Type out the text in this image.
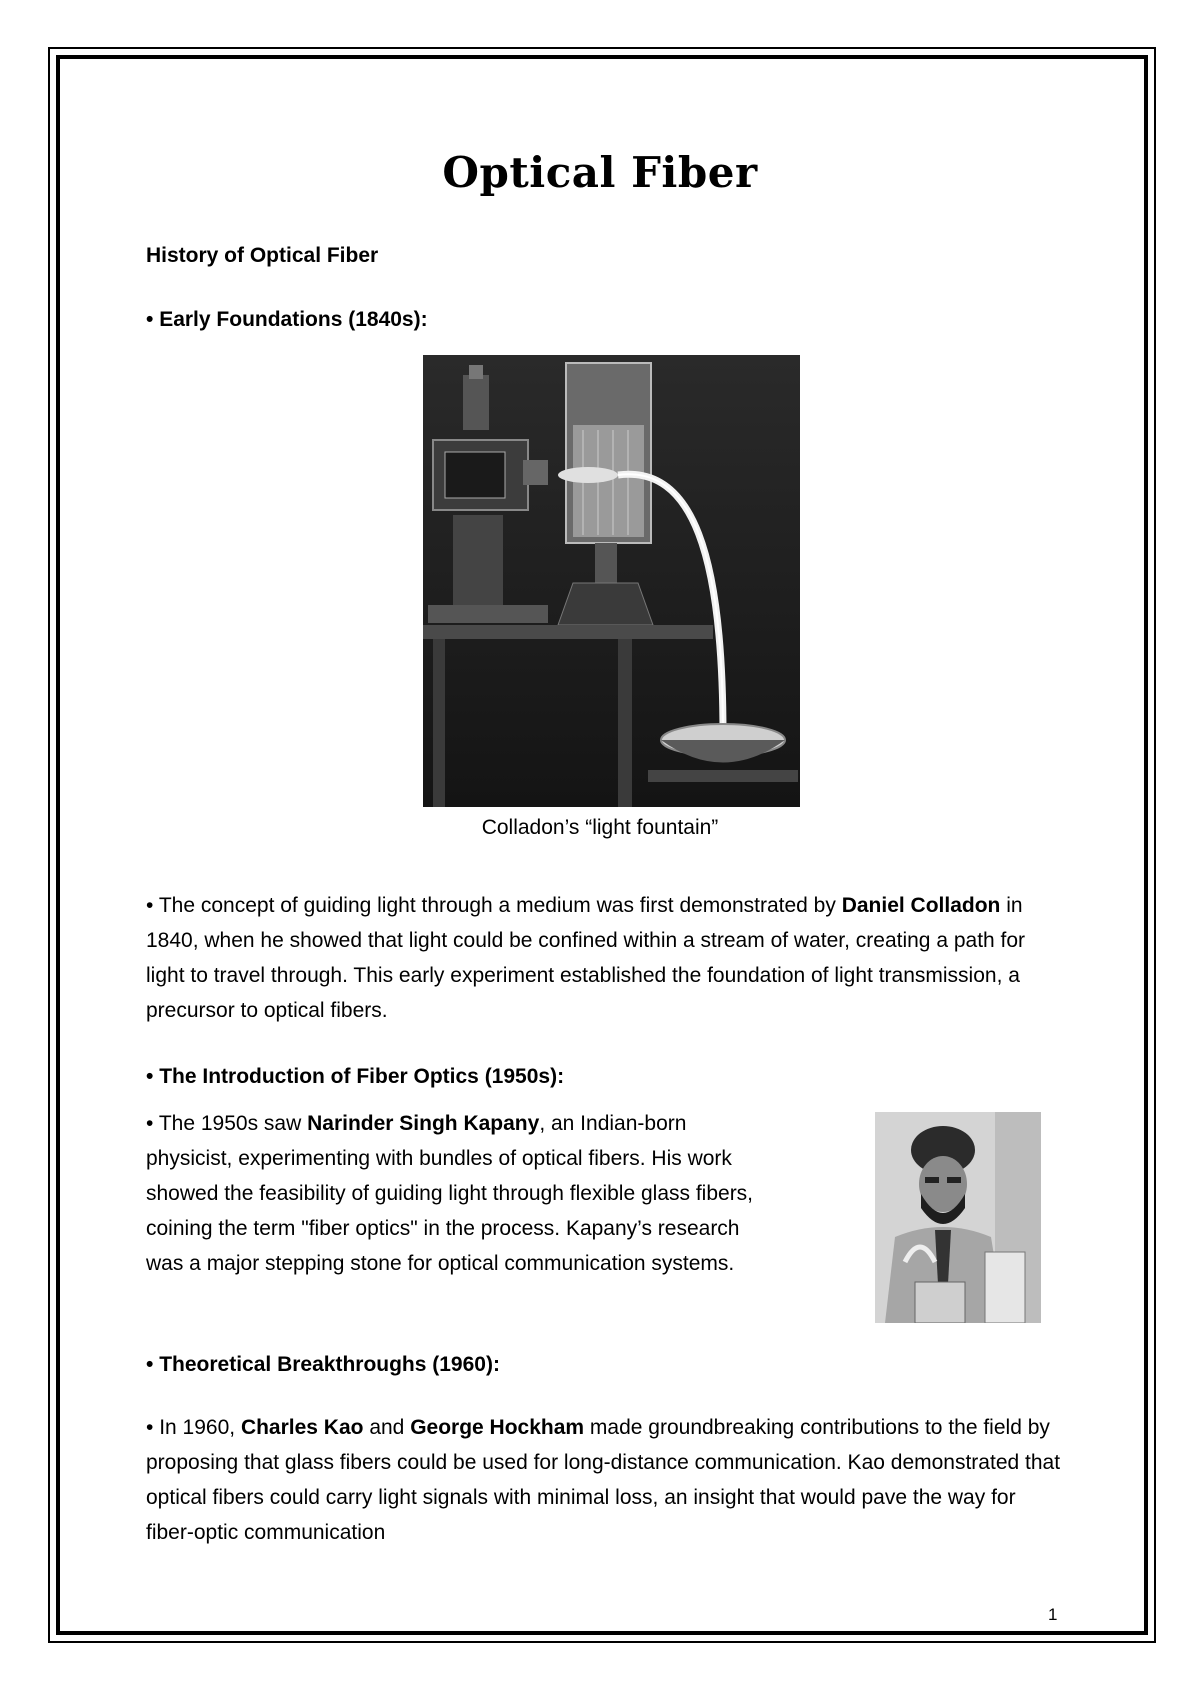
Optical Fiber
History of Optical Fiber
• Early Foundations (1840s):
Colladon’s “light fountain”
• The concept of guiding light through a medium was first demonstrated by Daniel Colladon in 1840, when he showed that light could be confined within a stream of water, creating a path for light to travel through. This early experiment established the foundation of light transmission, a precursor to optical fibers.
• The Introduction of Fiber Optics (1950s):
• The 1950s saw Narinder Singh Kapany, an Indian-born physicist, experimenting with bundles of optical fibers. His work showed the feasibility of guiding light through flexible glass fibers, coining the term "fiber optics" in the process. Kapany’s research was a major stepping stone for optical communication systems.
• Theoretical Breakthroughs (1960):
• In 1960, Charles Kao and George Hockham made groundbreaking contributions to the field by proposing that glass fibers could be used for long-distance communication. Kao demonstrated that optical fibers could carry light signals with minimal loss, an insight that would pave the way for fiber-optic communication
1
